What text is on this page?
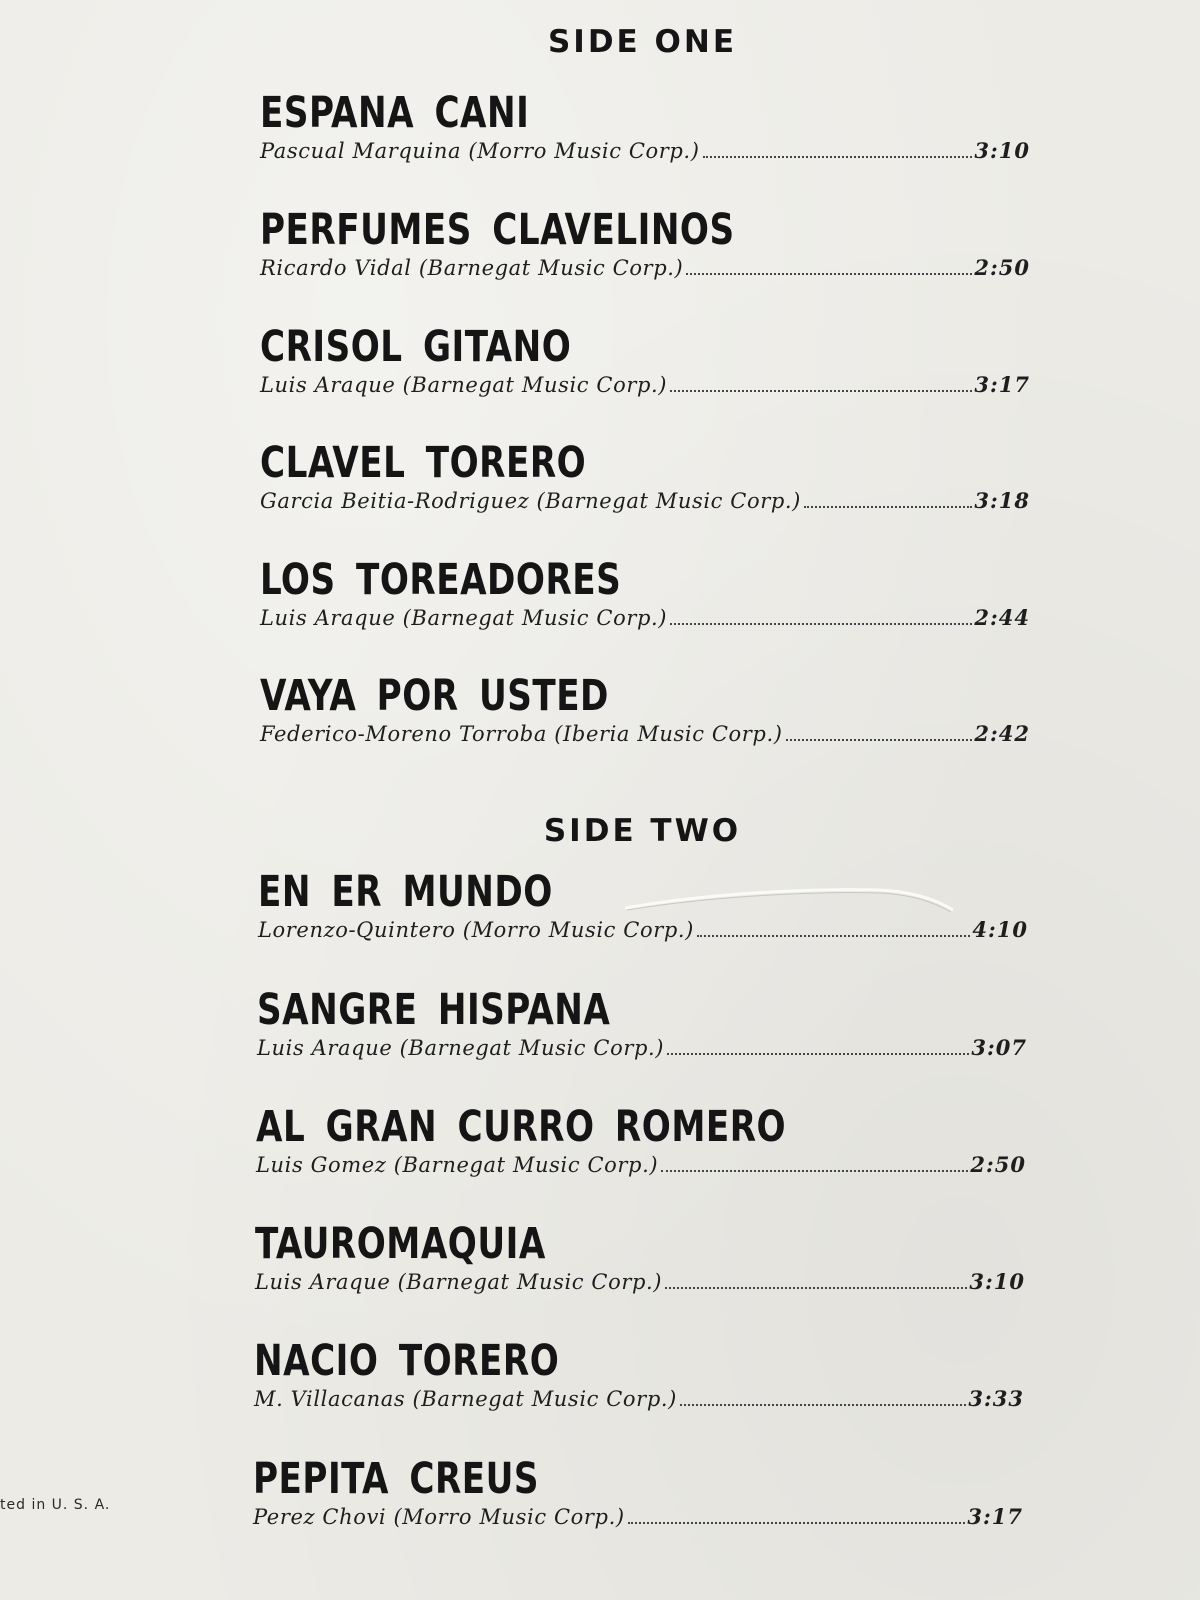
SIDE ONE
ESPANA CANI
Pascual Marquina (Morro Music Corp.)	3:10
PERFUMES CLAVELINOS
Ricardo Vidal (Barnegat Music Corp.)	2:50
CRISOL GITANO
Luis Araque (Barnegat Music Corp.)	3:17
CLAVEL TORERO
Garcia Beitia-Rodriguez (Barnegat Music Corp.)	3:18
LOS TOREADORES
Luis Araque (Barnegat Music Corp.)	2:44
VAYA POR USTED
Federico-Moreno Torroba (Iberia Music Corp.)	2:42
SIDE TWO
EN ER MUNDO
Lorenzo-Quintero (Morro Music Corp.)	4:10
SANGRE HISPANA
Luis Araque (Barnegat Music Corp.)	3:07
AL GRAN CURRO ROMERO
Luis Gomez (Barnegat Music Corp.)	2:50
TAUROMAQUIA
Luis Araque (Barnegat Music Corp.)	3:10
NACIO TORERO
M. Villacanas (Barnegat Music Corp.)	3:33
PEPITA CREUS
Perez Chovi (Morro Music Corp.)	3:17
ted in U. S. A.
